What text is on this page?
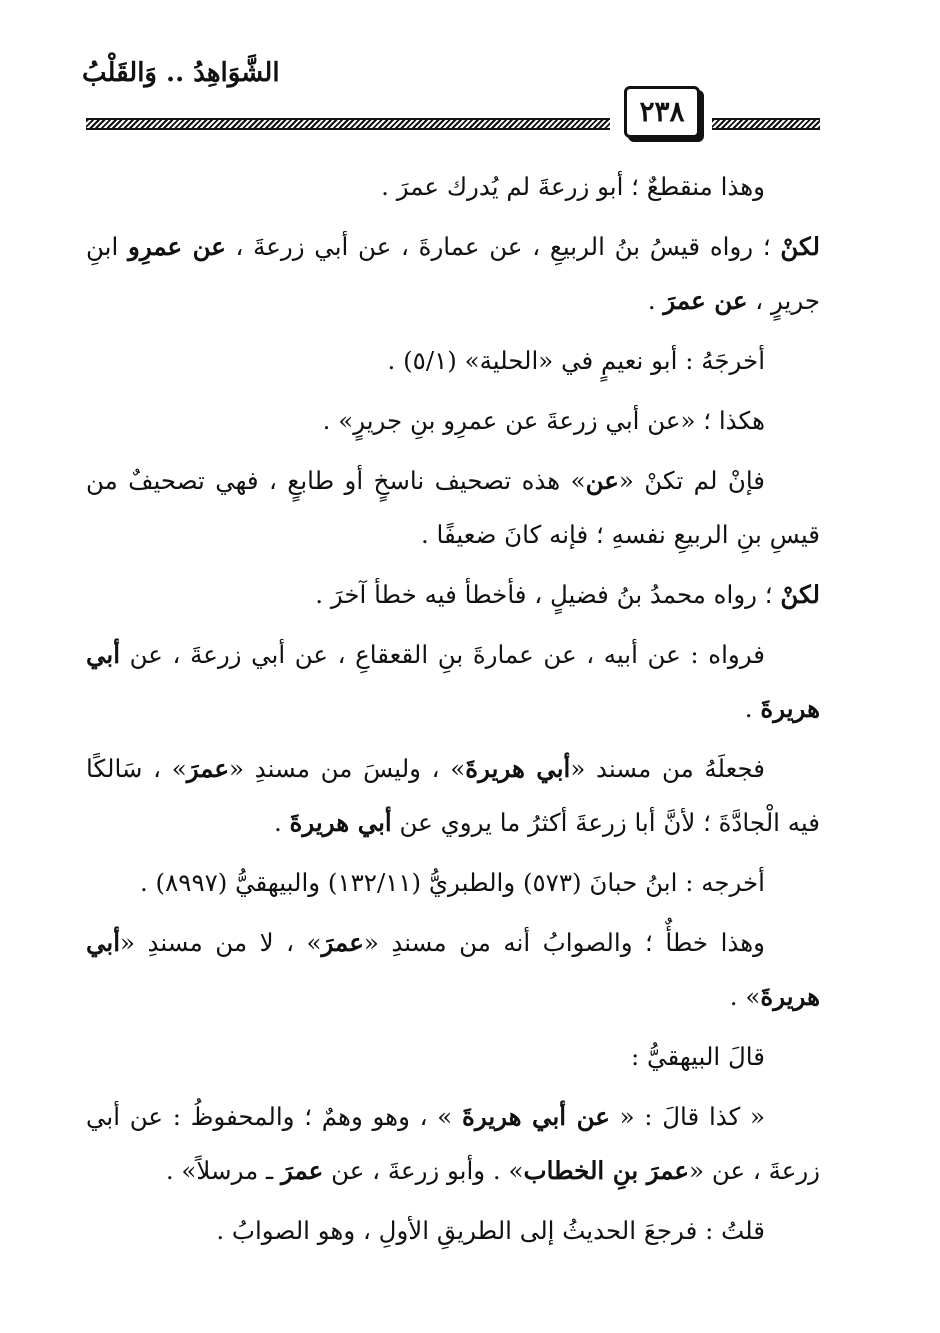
الشَّوَاهِدُ .. وَالقَلْبُ
٢٣٨

وهذا منقطعٌ ؛ أبو زرعةَ لم يُدرك عمرَ .

لكنْ ؛ رواه قيسُ بنُ الربيعِ ، عن عمارةَ ، عن أبي زرعةَ ، عن عمرِو ابنِ جريرٍ ، عن عمرَ .

أخرجَهُ : أبو نعيمٍ في «الحلية» (٥/١) .

هكذا ؛ «عن أبي زرعةَ عن عمرِو بنِ جريرٍ» .

فإنْ لم تكنْ «عن» هذه تصحيف ناسخٍ أو طابعٍ ، فهي تصحيفٌ من قيسِ بنِ الربيعِ نفسهِ ؛ فإنه كانَ ضعيفًا .

لكنْ ؛ رواه محمدُ بنُ فضيلٍ ، فأخطأ فيه خطأ آخرَ .

فرواه : عن أبيه ، عن عمارةَ بنِ القعقاعِ ، عن أبي زرعةَ ، عن أبي هريرةَ .

فجعلَهُ من مسند «أبي هريرةَ» ، وليسَ من مسندِ «عمرَ» ، سَالكًا فيه الْجادَّةَ ؛ لأنَّ أبا زرعةَ أكثرُ ما يروي عن أبي هريرةَ .

أخرجه : ابنُ حبانَ (٥٧٣) والطبريُّ (١٣٢/١١) والبيهقيُّ (٨٩٩٧) .

وهذا خطأٌ ؛ والصوابُ أنه من مسندِ «عمرَ» ، لا من مسندِ «أبي هريرةَ» .

قالَ البيهقيُّ :

« كذا قالَ : « عن أبي هريرةَ » ، وهو وهمٌ ؛ والمحفوظُ : عن أبي زرعةَ ، عن «عمرَ بنِ الخطاب» . وأبو زرعةَ ، عن عمرَ ـ مرسلاً» .

قلتُ : فرجعَ الحديثُ إلى الطريقِ الأولِ ، وهو الصوابُ .
